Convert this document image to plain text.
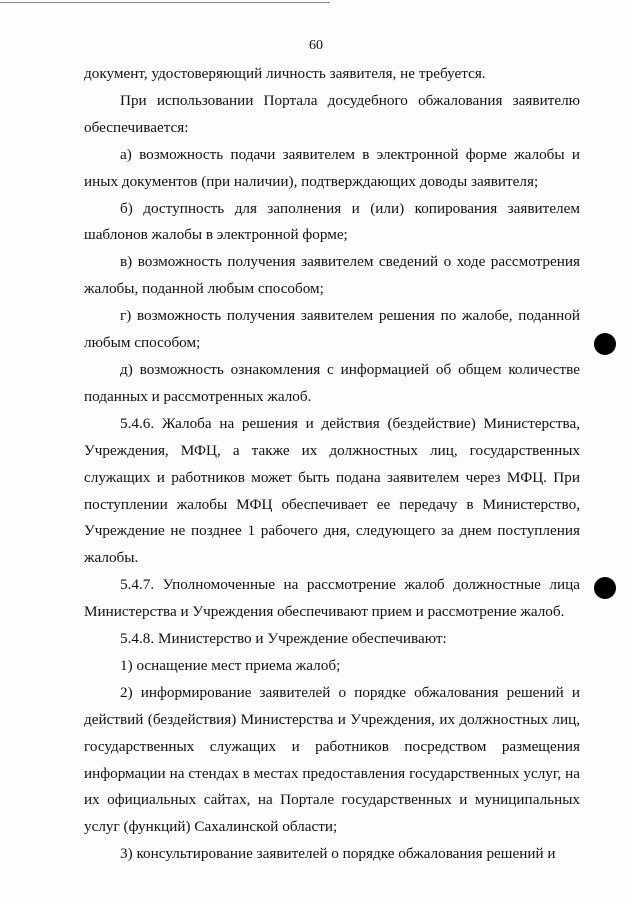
60

документ, удостоверяющий личность заявителя, не требуется.

При использовании Портала досудебного обжалования заявителю обеспечивается:

а) возможность подачи заявителем в электронной форме жалобы и иных документов (при наличии), подтверждающих доводы заявителя;

б) доступность для заполнения и (или) копирования заявителем шаблонов жалобы в электронной форме;

в) возможность получения заявителем сведений о ходе рассмотрения жалобы, поданной любым способом;

г) возможность получения заявителем решения по жалобе, поданной любым способом;

д) возможность ознакомления с информацией об общем количестве поданных и рассмотренных жалоб.

5.4.6. Жалоба на решения и действия (бездействие) Министерства, Учреждения, МФЦ, а также их должностных лиц, государственных служащих и работников может быть подана заявителем через МФЦ. При поступлении жалобы МФЦ обеспечивает ее передачу в Министерство, Учреждение не позднее 1 рабочего дня, следующего за днем поступления жалобы.

5.4.7. Уполномоченные на рассмотрение жалоб должностные лица Министерства и Учреждения обеспечивают прием и рассмотрение жалоб.

5.4.8. Министерство и Учреждение обеспечивают:

1) оснащение мест приема жалоб;

2) информирование заявителей о порядке обжалования решений и действий (бездействия) Министерства и Учреждения, их должностных лиц, государственных служащих и работников посредством размещения информации на стендах в местах предоставления государственных услуг, на их официальных сайтах, на Портале государственных и муниципальных услуг (функций) Сахалинской области;

3) консультирование заявителей о порядке обжалования решений и
